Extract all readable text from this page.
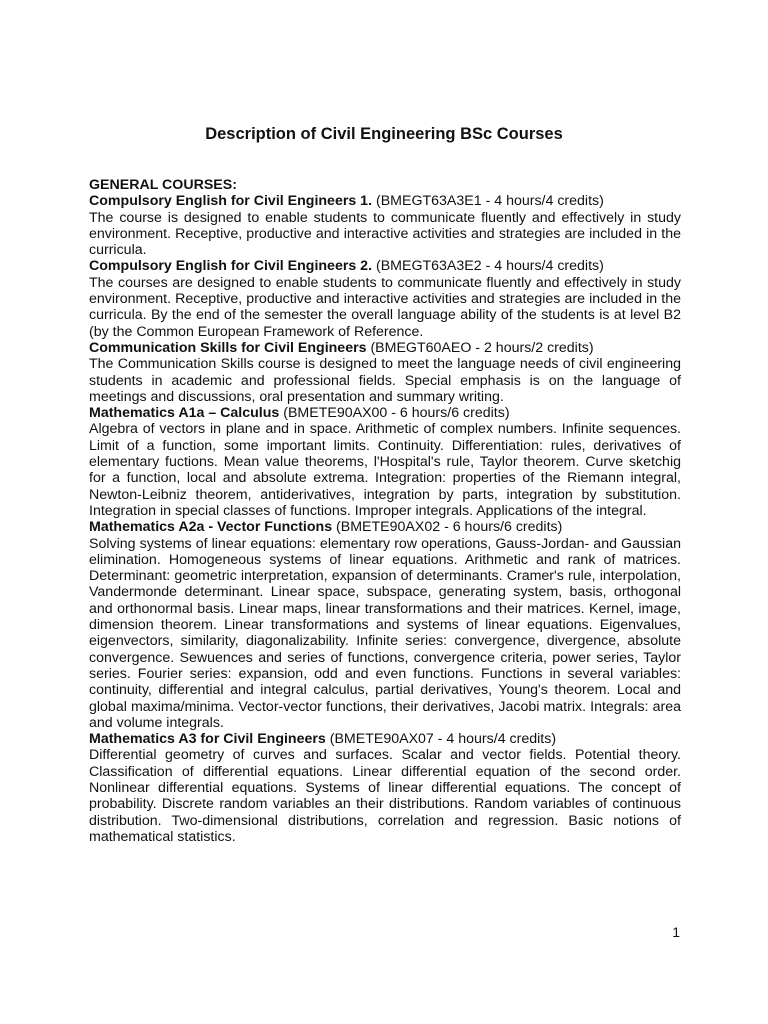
Description of Civil Engineering BSc Courses

GENERAL COURSES:

Compulsory English for Civil Engineers 1. (BMEGT63A3E1 - 4 hours/4 credits)

The course is designed to enable students to communicate fluently and effectively in study environment. Receptive, productive and interactive activities and strategies are included in the curricula.

Compulsory English for Civil Engineers 2. (BMEGT63A3E2 - 4 hours/4 credits)

The courses are designed to enable students to communicate fluently and effectively in study environment. Receptive, productive and interactive activities and strategies are included in the curricula. By the end of the semester the overall language ability of the students is at level B2 (by the Common European Framework of Reference.

Communication Skills for Civil Engineers (BMEGT60AEO - 2 hours/2 credits)

The Communication Skills course is designed to meet the language needs of civil engineering students in academic and professional fields. Special emphasis is on the language of meetings and discussions, oral presentation and summary writing.

Mathematics A1a – Calculus (BMETE90AX00 - 6 hours/6 credits)

Algebra of vectors in plane and in space. Arithmetic of complex numbers. Infinite sequences. Limit of a function, some important limits. Continuity. Differentiation: rules, derivatives of elementary fuctions. Mean value theorems, l'Hospital's rule, Taylor theorem. Curve sketchig for a function, local and absolute extrema. Integration: properties of the Riemann integral, Newton-Leibniz theorem, antiderivatives, integration by parts, integration by substitution. Integration in special classes of functions. Improper integrals. Applications of the integral.

Mathematics A2a - Vector Functions (BMETE90AX02 - 6 hours/6 credits)

Solving systems of linear equations: elementary row operations, Gauss-Jordan- and Gaussian elimination. Homogeneous systems of linear equations. Arithmetic and rank of matrices. Determinant: geometric interpretation, expansion of determinants. Cramer's rule, interpolation, Vandermonde determinant. Linear space, subspace, generating system, basis, orthogonal and orthonormal basis. Linear maps, linear transformations and their matrices. Kernel, image, dimension theorem. Linear transformations and systems of linear equations. Eigenvalues, eigenvectors, similarity, diagonalizability. Infinite series: convergence, divergence, absolute convergence. Sewuences and series of functions, convergence criteria, power series, Taylor series. Fourier series: expansion, odd and even functions. Functions in several variables: continuity, differential and integral calculus, partial derivatives, Young's theorem. Local and global maxima/minima. Vector-vector functions, their derivatives, Jacobi matrix. Integrals: area and volume integrals.

Mathematics A3 for Civil Engineers (BMETE90AX07 - 4 hours/4 credits)

Differential geometry of curves and surfaces. Scalar and vector fields. Potential theory. Classification of differential equations. Linear differential equation of the second order. Nonlinear differential equations. Systems of linear differential equations. The concept of probability. Discrete random variables an their distributions. Random variables of continuous distribution. Two-dimensional distributions, correlation and regression. Basic notions of mathematical statistics.

1
